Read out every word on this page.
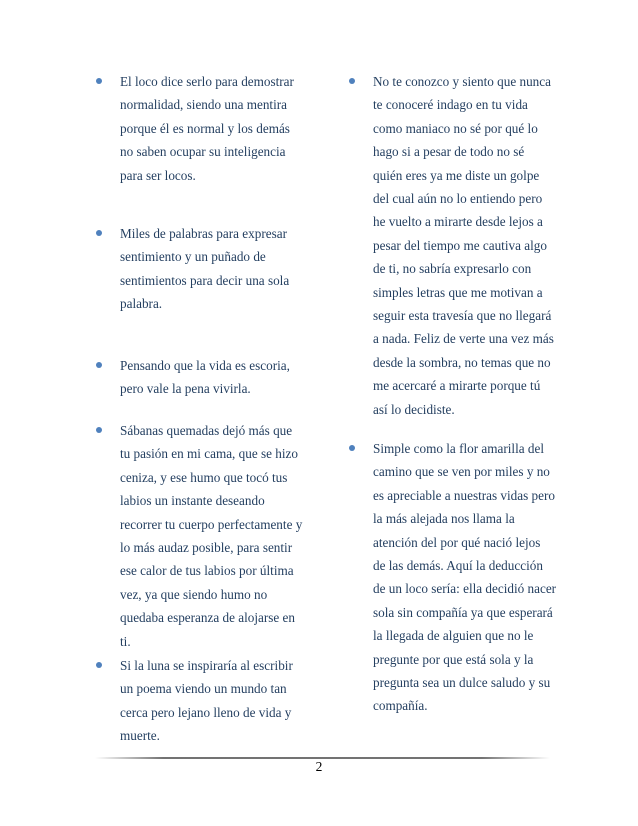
El loco dice serlo para demostrar
normalidad, siendo una mentira
porque él es normal y los demás
no saben ocupar su inteligencia
para ser locos.
Miles de palabras para expresar
sentimiento y un puñado de
sentimientos para decir una sola
palabra.
Pensando que la vida es escoria,
pero vale la pena vivirla.
Sábanas quemadas dejó más que
tu pasión en mi cama, que se hizo
ceniza, y ese humo que tocó tus
labios un instante deseando
recorrer tu cuerpo perfectamente y
lo más audaz posible, para sentir
ese calor de tus labios por última
vez, ya que siendo humo no
quedaba esperanza de alojarse en
ti.
Si la luna se inspiraría al escribir
un poema viendo un mundo tan
cerca pero lejano lleno de vida y
muerte.
No te conozco y siento que nunca
te conoceré indago en tu vida
como maniaco no sé por qué lo
hago si a pesar de todo no sé
quién eres ya me diste un golpe
del cual aún no lo entiendo pero
he vuelto a mirarte desde lejos a
pesar del tiempo me cautiva algo
de ti, no sabría expresarlo con
simples letras que me motivan a
seguir esta travesía que no llegará
a nada. Feliz de verte una vez más
desde la sombra, no temas que no
me acercaré a mirarte porque tú
así lo decidiste.
Simple como la flor amarilla del
camino que se ven por miles y no
es apreciable a nuestras vidas pero
la más alejada nos llama la
atención del por qué nació lejos
de las demás. Aquí la deducción
de un loco sería: ella decidió nacer
sola sin compañía ya que esperará
la llegada de alguien que no le
pregunte por que está sola y la
pregunta sea un dulce saludo y su
compañía.
2
